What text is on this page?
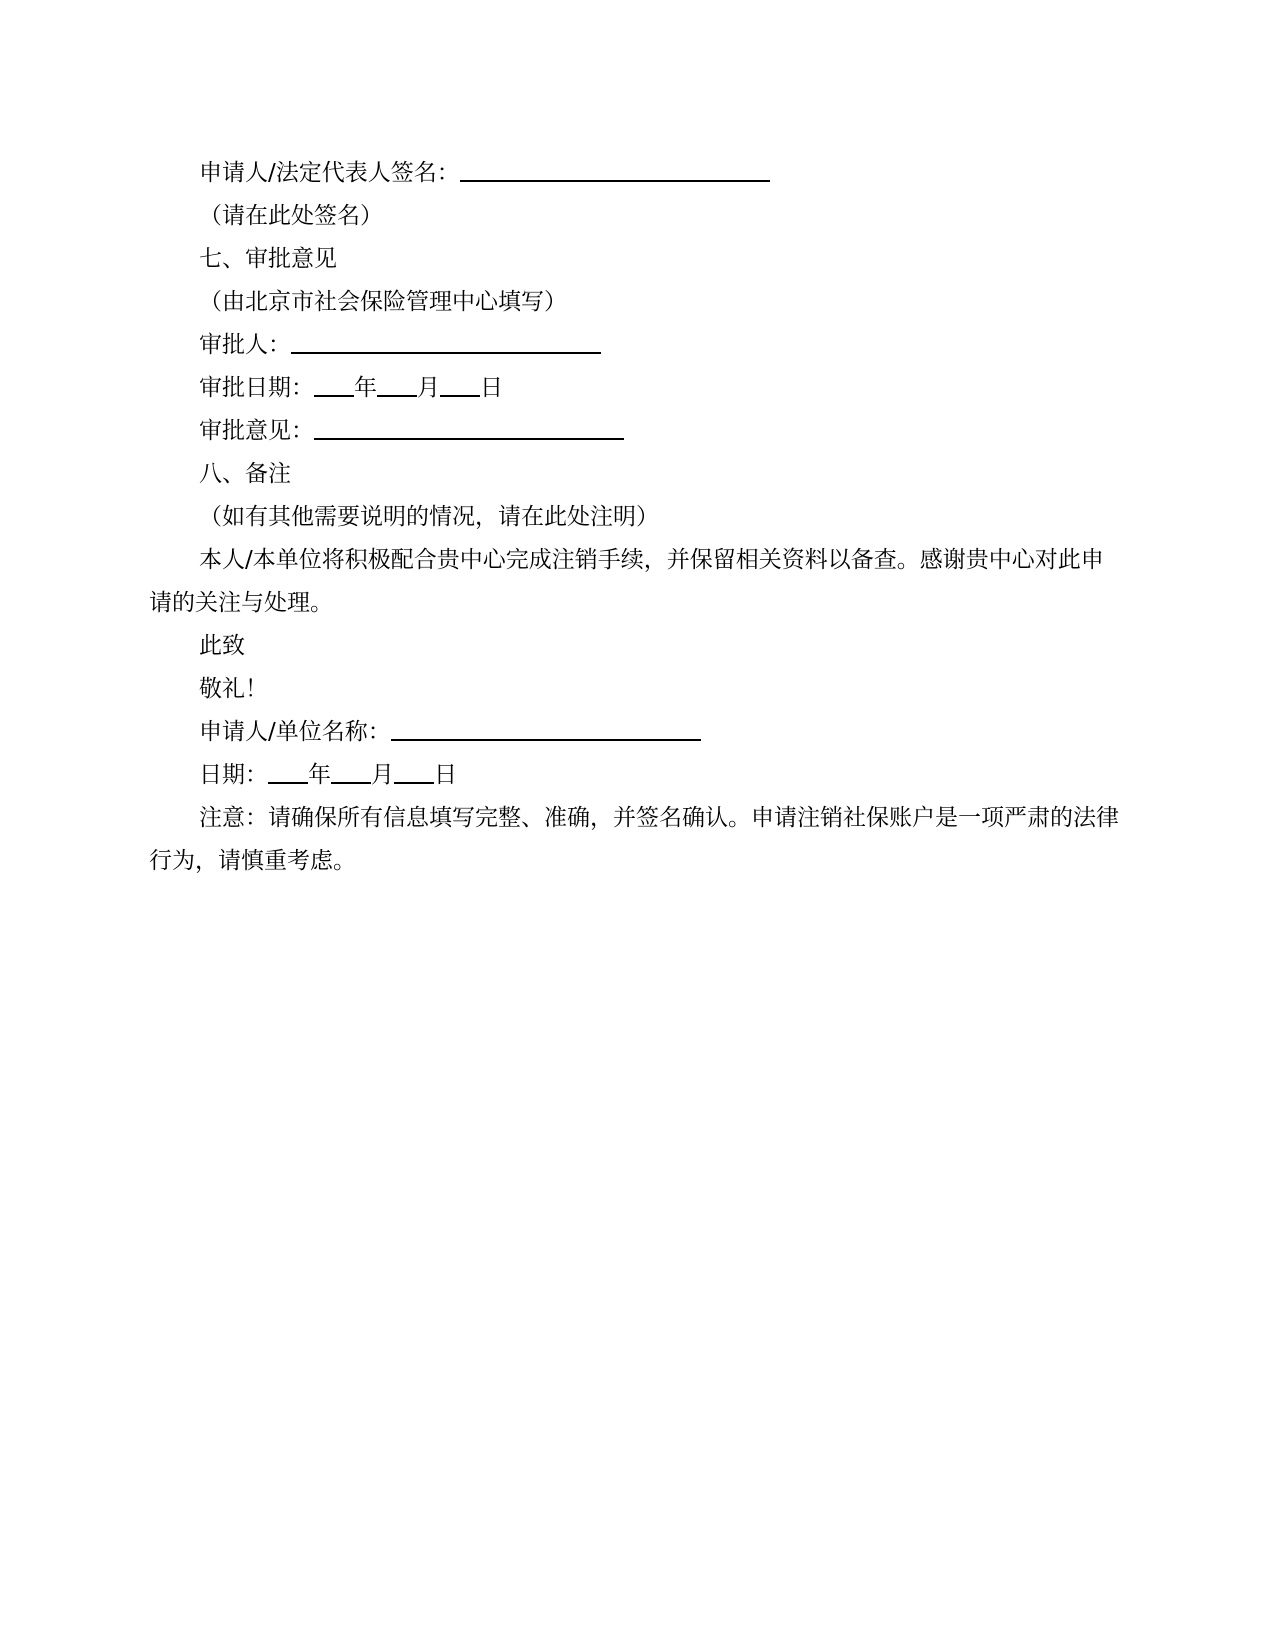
申请人/法定代表人签名：
（请在此处签名）
七、审批意见
（由北京市社会保险管理中心填写）
审批人：
审批日期： 年 月 日
审批意见：
八、备注
（如有其他需要说明的情况，请在此处注明）
本人/本单位将积极配合贵中心完成注销手续，并保留相关资料以备查。感谢贵中心对此申请的关注与处理。
此致
敬礼！
申请人/单位名称：
日期： 年 月 日
注意：请确保所有信息填写完整、准确，并签名确认。申请注销社保账户是一项严肃的法律行为，请慎重考虑。
